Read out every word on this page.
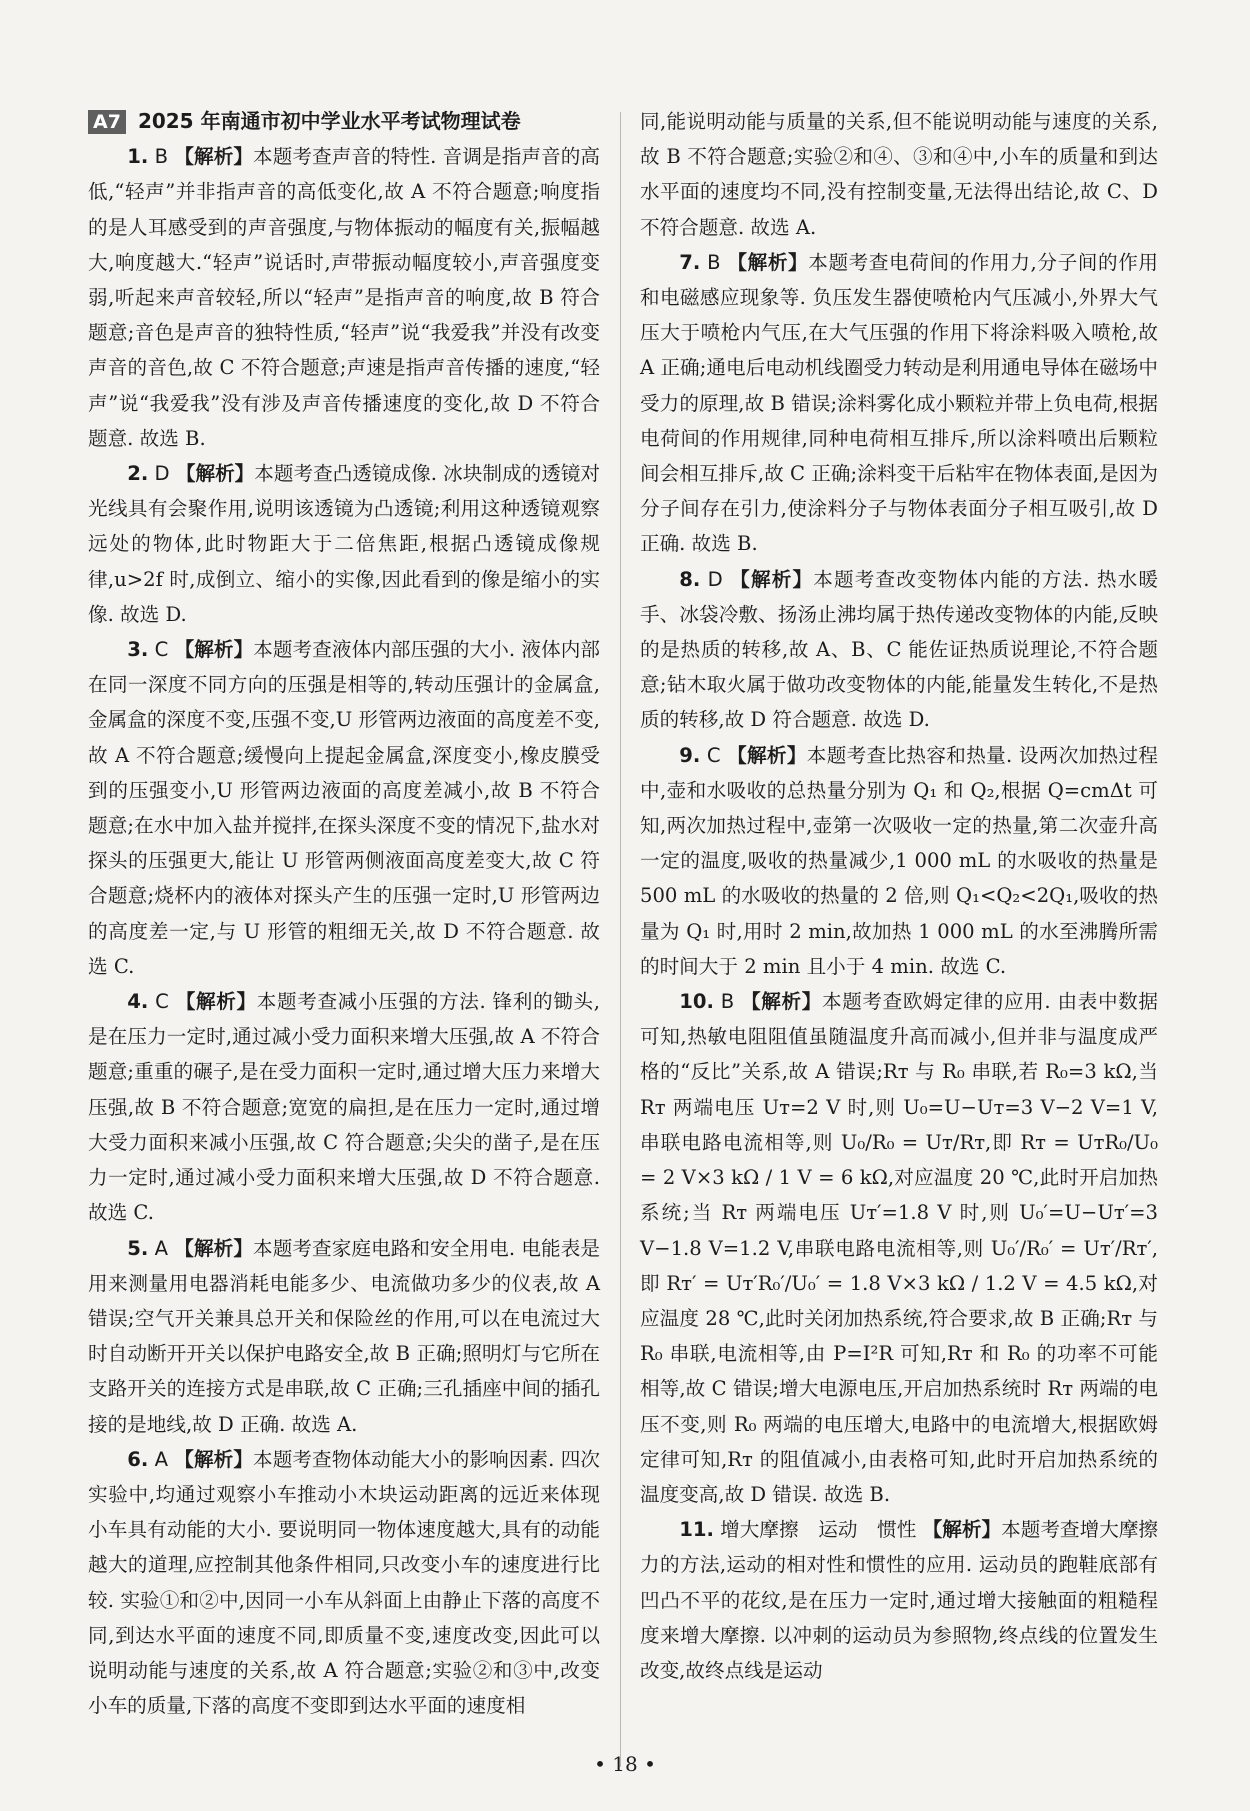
A7 2025 年南通市初中学业水平考试物理试卷

1. B 【解析】本题考查声音的特性. 音调是指声音的高低,“轻声”并非指声音的高低变化,故 A 不符合题意;响度指的是人耳感受到的声音强度,与物体振动的幅度有关,振幅越大,响度越大.“轻声”说话时,声带振动幅度较小,声音强度变弱,听起来声音较轻,所以“轻声”是指声音的响度,故 B 符合题意;音色是声音的独特性质,“轻声”说“我爱我”并没有改变声音的音色,故 C 不符合题意;声速是指声音传播的速度,“轻声”说“我爱我”没有涉及声音传播速度的变化,故 D 不符合题意. 故选 B.

2. D 【解析】本题考查凸透镜成像. 冰块制成的透镜对光线具有会聚作用,说明该透镜为凸透镜;利用这种透镜观察远处的物体,此时物距大于二倍焦距,根据凸透镜成像规律,u>2f 时,成倒立、缩小的实像,因此看到的像是缩小的实像. 故选 D.

3. C 【解析】本题考查液体内部压强的大小. 液体内部在同一深度不同方向的压强是相等的,转动压强计的金属盒,金属盒的深度不变,压强不变,U 形管两边液面的高度差不变,故 A 不符合题意;缓慢向上提起金属盒,深度变小,橡皮膜受到的压强变小,U 形管两边液面的高度差减小,故 B 不符合题意;在水中加入盐并搅拌,在探头深度不变的情况下,盐水对探头的压强更大,能让 U 形管两侧液面高度差变大,故 C 符合题意;烧杯内的液体对探头产生的压强一定时,U 形管两边的高度差一定,与 U 形管的粗细无关,故 D 不符合题意. 故选 C.

4. C 【解析】本题考查减小压强的方法. 锋利的锄头,是在压力一定时,通过减小受力面积来增大压强,故 A 不符合题意;重重的碾子,是在受力面积一定时,通过增大压力来增大压强,故 B 不符合题意;宽宽的扁担,是在压力一定时,通过增大受力面积来减小压强,故 C 符合题意;尖尖的凿子,是在压力一定时,通过减小受力面积来增大压强,故 D 不符合题意. 故选 C.

5. A 【解析】本题考查家庭电路和安全用电. 电能表是用来测量用电器消耗电能多少、电流做功多少的仪表,故 A 错误;空气开关兼具总开关和保险丝的作用,可以在电流过大时自动断开开关以保护电路安全,故 B 正确;照明灯与它所在支路开关的连接方式是串联,故 C 正确;三孔插座中间的插孔接的是地线,故 D 正确. 故选 A.

6. A 【解析】本题考查物体动能大小的影响因素. 四次实验中,均通过观察小车推动小木块运动距离的远近来体现小车具有动能的大小. 要说明同一物体速度越大,具有的动能越大的道理,应控制其他条件相同,只改变小车的速度进行比较. 实验①和②中,因同一小车从斜面上由静止下落的高度不同,到达水平面的速度不同,即质量不变,速度改变,因此可以说明动能与速度的关系,故 A 符合题意;实验②和③中,改变小车的质量,下落的高度不变即到达水平面的速度相

同,能说明动能与质量的关系,但不能说明动能与速度的关系,故 B 不符合题意;实验②和④、③和④中,小车的质量和到达水平面的速度均不同,没有控制变量,无法得出结论,故 C、D 不符合题意. 故选 A.

7. B 【解析】本题考查电荷间的作用力,分子间的作用和电磁感应现象等. 负压发生器使喷枪内气压减小,外界大气压大于喷枪内气压,在大气压强的作用下将涂料吸入喷枪,故 A 正确;通电后电动机线圈受力转动是利用通电导体在磁场中受力的原理,故 B 错误;涂料雾化成小颗粒并带上负电荷,根据电荷间的作用规律,同种电荷相互排斥,所以涂料喷出后颗粒间会相互排斥,故 C 正确;涂料变干后粘牢在物体表面,是因为分子间存在引力,使涂料分子与物体表面分子相互吸引,故 D 正确. 故选 B.

8. D 【解析】本题考查改变物体内能的方法. 热水暖手、冰袋冷敷、扬汤止沸均属于热传递改变物体的内能,反映的是热质的转移,故 A、B、C 能佐证热质说理论,不符合题意;钻木取火属于做功改变物体的内能,能量发生转化,不是热质的转移,故 D 符合题意. 故选 D.

9. C 【解析】本题考查比热容和热量. 设两次加热过程中,壶和水吸收的总热量分别为 Q₁ 和 Q₂,根据 Q=cmΔt 可知,两次加热过程中,壶第一次吸收一定的热量,第二次壶升高一定的温度,吸收的热量减少,1 000 mL 的水吸收的热量是 500 mL 的水吸收的热量的 2 倍,则 Q₁<Q₂<2Q₁,吸收的热量为 Q₁ 时,用时 2 min,故加热 1 000 mL 的水至沸腾所需的时间大于 2 min 且小于 4 min. 故选 C.

10. B 【解析】本题考查欧姆定律的应用. 由表中数据可知,热敏电阻阻值虽随温度升高而减小,但并非与温度成严格的“反比”关系,故 A 错误;Rᴛ 与 R₀ 串联,若 R₀=3 kΩ,当 Rᴛ 两端电压 Uᴛ=2 V 时,则 U₀=U−Uᴛ=3 V−2 V=1 V,串联电路电流相等,则 U₀/R₀ = Uᴛ/Rᴛ,即 Rᴛ = UᴛR₀/U₀ = 2 V×3 kΩ / 1 V = 6 kΩ,对应温度 20 ℃,此时开启加热系统;当 Rᴛ 两端电压 Uᴛ′=1.8 V 时,则 U₀′=U−Uᴛ′=3 V−1.8 V=1.2 V,串联电路电流相等,则 U₀′/R₀′ = Uᴛ′/Rᴛ′,即 Rᴛ′ = Uᴛ′R₀′/U₀′ = 1.8 V×3 kΩ / 1.2 V = 4.5 kΩ,对应温度 28 ℃,此时关闭加热系统,符合要求,故 B 正确;Rᴛ 与 R₀ 串联,电流相等,由 P=I²R 可知,Rᴛ 和 R₀ 的功率不可能相等,故 C 错误;增大电源电压,开启加热系统时 Rᴛ 两端的电压不变,则 R₀ 两端的电压增大,电路中的电流增大,根据欧姆定律可知,Rᴛ 的阻值减小,由表格可知,此时开启加热系统的温度变高,故 D 错误. 故选 B.

11. 增大摩擦　运动　惯性 【解析】本题考查增大摩擦力的方法,运动的相对性和惯性的应用. 运动员的跑鞋底部有凹凸不平的花纹,是在压力一定时,通过增大接触面的粗糙程度来增大摩擦. 以冲刺的运动员为参照物,终点线的位置发生改变,故终点线是运动

• 18 •
